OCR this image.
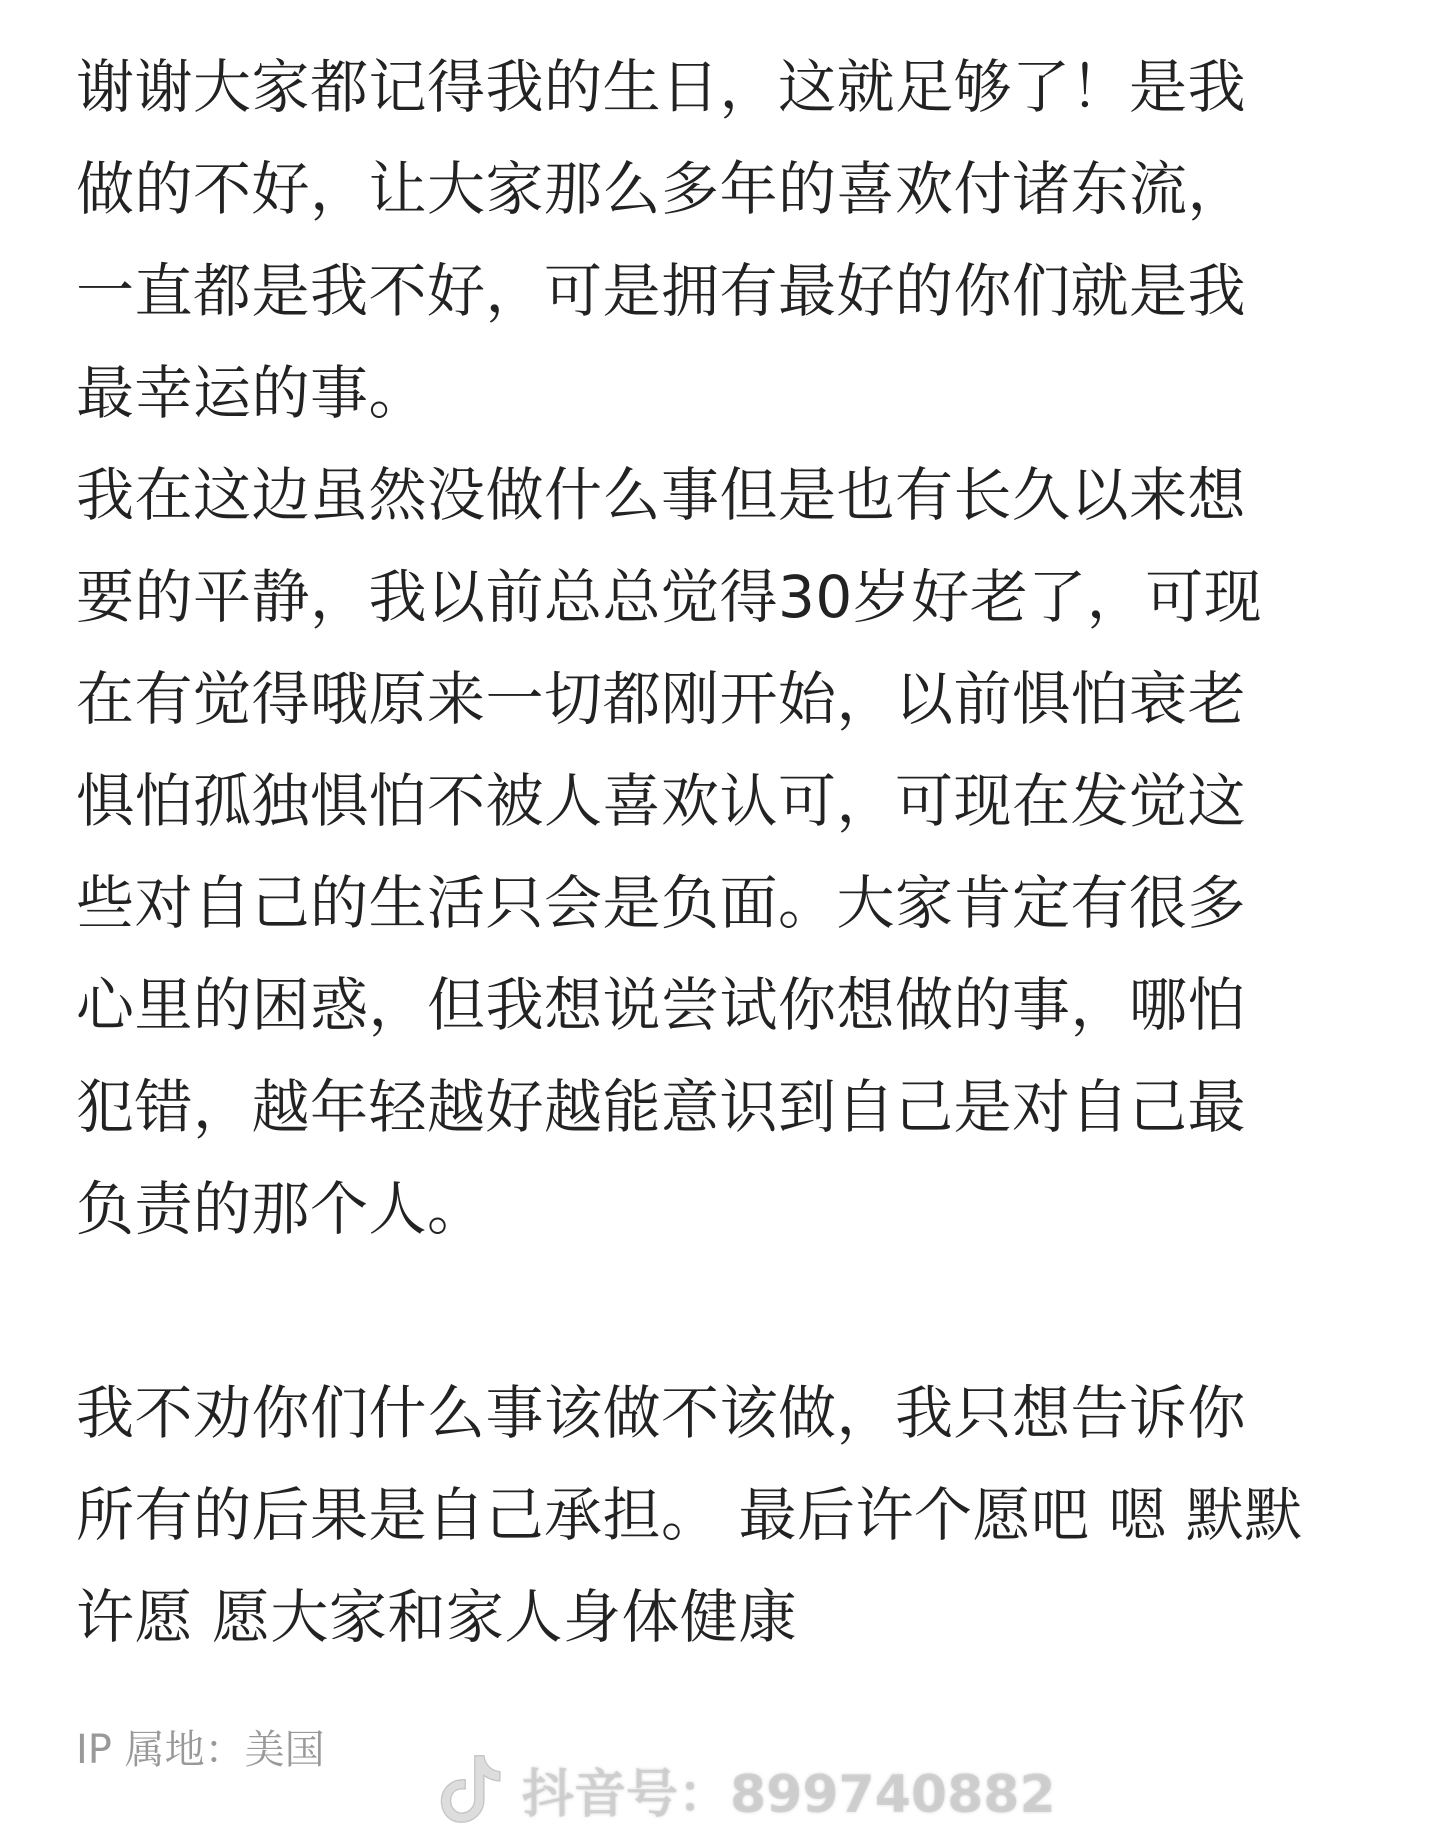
谢谢大家都记得我的生日，这就足够了！是我
做的不好，让大家那么多年的喜欢付诸东流，
一直都是我不好，可是拥有最好的你们就是我
最幸运的事。
我在这边虽然没做什么事但是也有长久以来想
要的平静，我以前总总觉得30岁好老了，可现
在有觉得哦原来一切都刚开始，以前惧怕衰老
惧怕孤独惧怕不被人喜欢认可，可现在发觉这
些对自己的生活只会是负面。大家肯定有很多
心里的困惑，但我想说尝试你想做的事，哪怕
犯错，越年轻越好越能意识到自己是对自己最
负责的那个人。
我不劝你们什么事该做不该做，我只想告诉你
所有的后果是自己承担。 最后许个愿吧 嗯 默默
许愿 愿大家和家人身体健康
IP 属地：美国
抖音号：899740882
